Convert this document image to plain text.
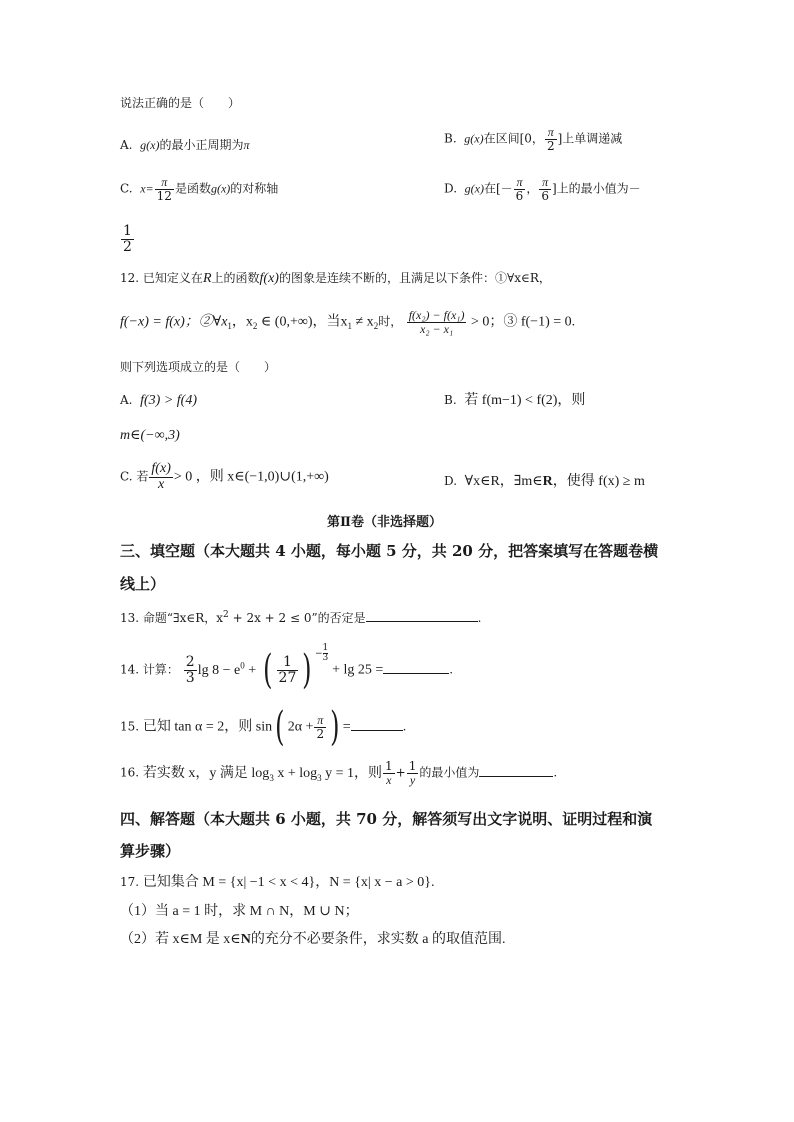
说法正确的是（　　）
A. g(x)的最小正周期为π	B. g(x)在区间[0， $\frac{\pi}{2}$ ]上单调递减
C. $x= \frac{\pi}{12}$ 是函数g(x)的对称轴	D. g(x)在[－ $\frac{\pi}{6}$ ， $\frac{\pi}{6}$ ]上的最小值为－
$\frac{1}{2}$
12. 已知定义在R上的函数f(x)的图象是连续不断的，且满足以下条件：①∀x∈R，
f(−x) = f(x)；$②\forall x_1$，$x_2$ ∈ (0,+∞)，当$x_1 \ne x_2$时， $\frac{\text{f(x₂) − f(x₁)}}{\text{x₂ − x₁}} > 0$；③ f(−1) = 0.
则下列选项成立的是（　　）
A. f(3) > f(4)	B. 若 f(m−1) < f(2)，则
m∈(−∞,3)
C. 若 $\frac{f(x)}{x} > 0$ ，则 x∈(−1,0)∪(1,+∞)	D. ∀x∈R，∃m∈R，使得 f(x) ≥ m
第Ⅱ卷（非选择题）
三、填空题（本大题共 4 小题，每小题 5 分，共 20 分，把答案填写在答题卷横
线上）
13. 命题“∃x∈R，$x^2 + 2x + 2 \le 0$”的否定是	.
14. 计算： $\frac{2}{3}$ $\lg 8 - e^0$ + ( $\frac{1}{27}$ ) − $\frac{1}{3}$
+ lg 25 =	.
15. 已知 tan α = 2，则 sin( $2\alpha + \frac{\pi}{2}$ ) =	.
16. 若实数 x，y 满足 $\log_3 x + \log_3 y = 1$，则 $\frac{1}{x} + \frac{1}{y}$ 的最小值为	.
四、解答题（本大题共 6 小题，共 70 分，解答须写出文字说明、证明过程和演
算步骤）
17. 已知集合 M = {x| −1 < x < 4}，N = {x| x − a > 0}.
（1）当 a = 1 时，求 M ∩ N，M ∪ N；
（2）若 x∈M 是 x∈N的充分不必要条件，求实数 a 的取值范围.
